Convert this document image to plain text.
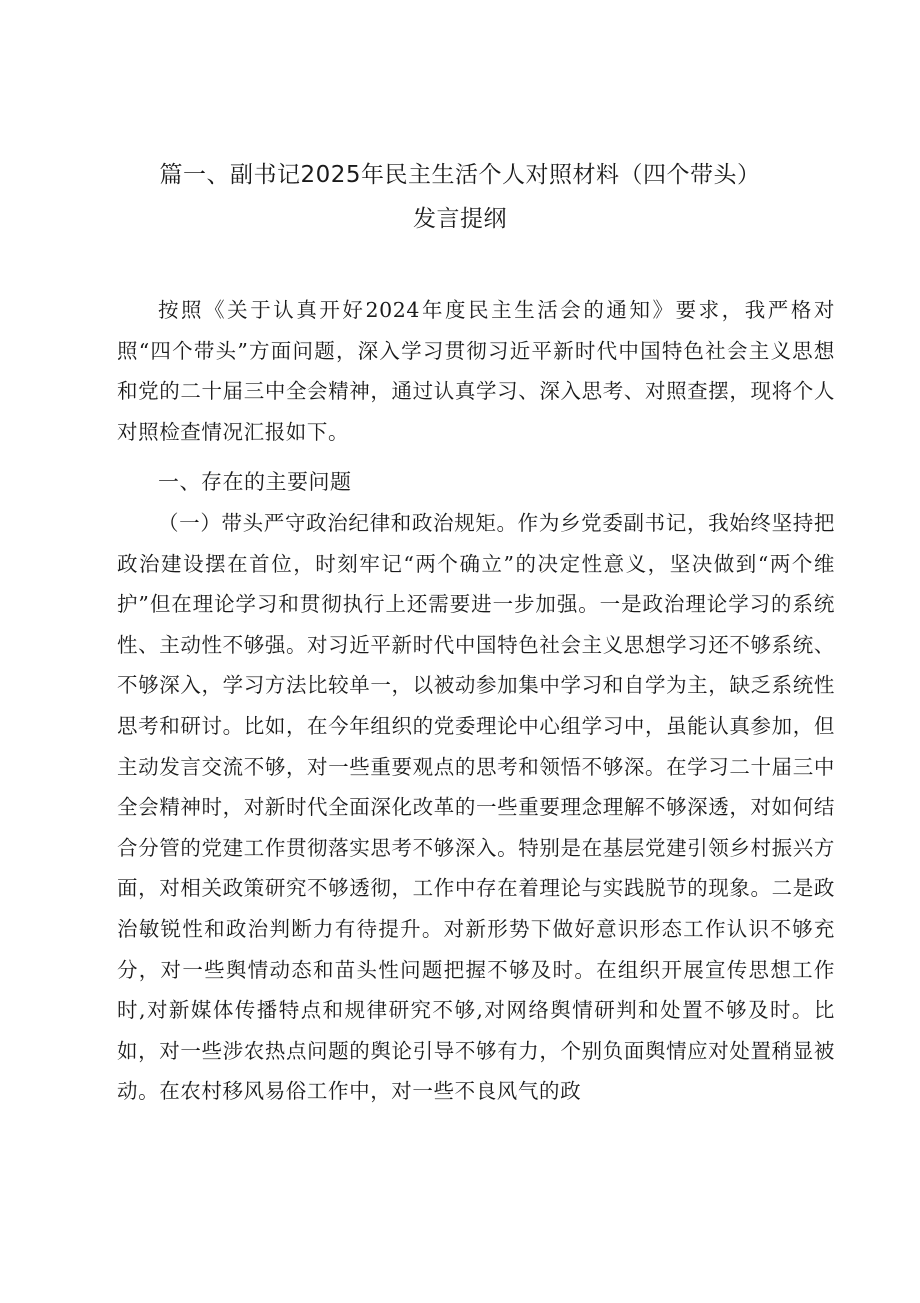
篇一、副书记2025年民主生活个人对照材料（四个带头）
发言提纲
按照《关于认真开好2024年度民主生活会的通知》要求，我严格对照“四个带头”方面问题，深入学习贯彻习近平新时代中国特色社会主义思想和党的二十届三中全会精神，通过认真学习、深入思考、对照查摆，现将个人对照检查情况汇报如下。
一、存在的主要问题
（一）带头严守政治纪律和政治规矩。作为乡党委副书记，我始终坚持把政治建设摆在首位，时刻牢记“两个确立”的决定性意义，坚决做到“两个维护”但在理论学习和贯彻执行上还需要进一步加强。一是政治理论学习的系统性、主动性不够强。对习近平新时代中国特色社会主义思想学习还不够系统、不够深入，学习方法比较单一，以被动参加集中学习和自学为主，缺乏系统性思考和研讨。比如，在今年组织的党委理论中心组学习中，虽能认真参加，但主动发言交流不够，对一些重要观点的思考和领悟不够深。在学习二十届三中全会精神时，对新时代全面深化改革的一些重要理念理解不够深透，对如何结合分管的党建工作贯彻落实思考不够深入。特别是在基层党建引领乡村振兴方面，对相关政策研究不够透彻，工作中存在着理论与实践脱节的现象。二是政治敏锐性和政治判断力有待提升。对新形势下做好意识形态工作认识不够充分，对一些舆情动态和苗头性问题把握不够及时。在组织开展宣传思想工作时,对新媒体传播特点和规律研究不够,对网络舆情研判和处置不够及时。比如，对一些涉农热点问题的舆论引导不够有力，个别负面舆情应对处置稍显被动。在农村移风易俗工作中，对一些不良风气的政
